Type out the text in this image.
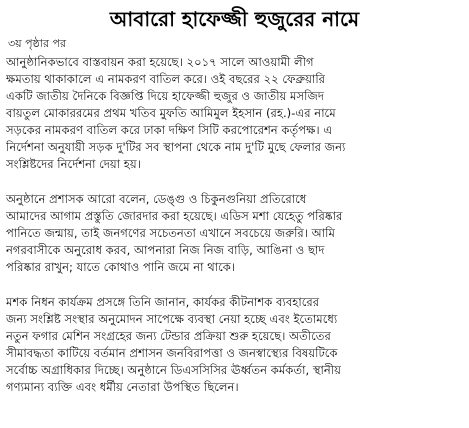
আবারো হাফেজ্জী হুজুরের নামে
৩য় পৃষ্ঠার পর
আনুষ্ঠানিকভাবে বাস্তবায়ন করা হয়েছে। ২০১৭ সালে আওয়ামী লীগ
ক্ষমতায় থাকাকালে এ নামকরণ বাতিল করে। ওই বছরের ২২ ফেব্রুয়ারি
একটি জাতীয় দৈনিকে বিজ্ঞপ্তি দিয়ে হাফেজ্জী হুজুর ও জাতীয় মসজিদ
বায়তুল মোকাররমের প্রথম খতিব মুফতি আমিমুল ইহসান (রহ.)-এর নামে
সড়কের নামকরণ বাতিল করে ঢাকা দক্ষিণ সিটি করপোরেশন কর্তৃপক্ষ। এ
নির্দেশনা অনুযায়ী সড়ক দু'টির সব স্থাপনা থেকে নাম দু'টি মুছে ফেলার জন্য
সংশ্লিষ্টদের নির্দেশনা দেয়া হয়।
অনুষ্ঠানে প্রশাসক আরো বলেন, ডেঙ্গু ও চিকুনগুনিয়া প্রতিরোধে
আমাদের আগাম প্রস্তুতি জোরদার করা হয়েছে। এডিস মশা যেহেতু পরিষ্কার
পানিতে জন্মায়, তাই জনগণের সচেতনতা এখানে সবচেয়ে জরুরি। আমি
নগরবাসীকে অনুরোধ করব, আপনারা নিজ নিজ বাড়ি, আঙিনা ও ছাদ
পরিষ্কার রাখুন; যাতে কোথাও পানি জমে না থাকে।
মশক নিধন কার্যক্রম প্রসঙ্গে তিনি জানান, কার্যকর কীটনাশক ব্যবহারের
জন্য সংশ্লিষ্ট সংস্থার অনুমোদন সাপেক্ষে ব্যবস্থা নেয়া হচ্ছে এবং ইতোমধ্যে
নতুন ফগার মেশিন সংগ্রহের জন্য টেন্ডার প্রক্রিয়া শুরু হয়েছে। অতীতের
সীমাবদ্ধতা কাটিয়ে বর্তমান প্রশাসন জনবিরাপত্তা ও জনস্বাস্থ্যের বিষয়টিকে
সর্বোচ্চ অগ্রাধিকার দিচ্ছে। অনুষ্ঠানে ডিএসসিসির ঊর্ধ্বতন কর্মকর্তা, স্থানীয়
গণ্যমান্য ব্যক্তি এবং ধর্মীয় নেতারা উপস্থিত ছিলেন।
